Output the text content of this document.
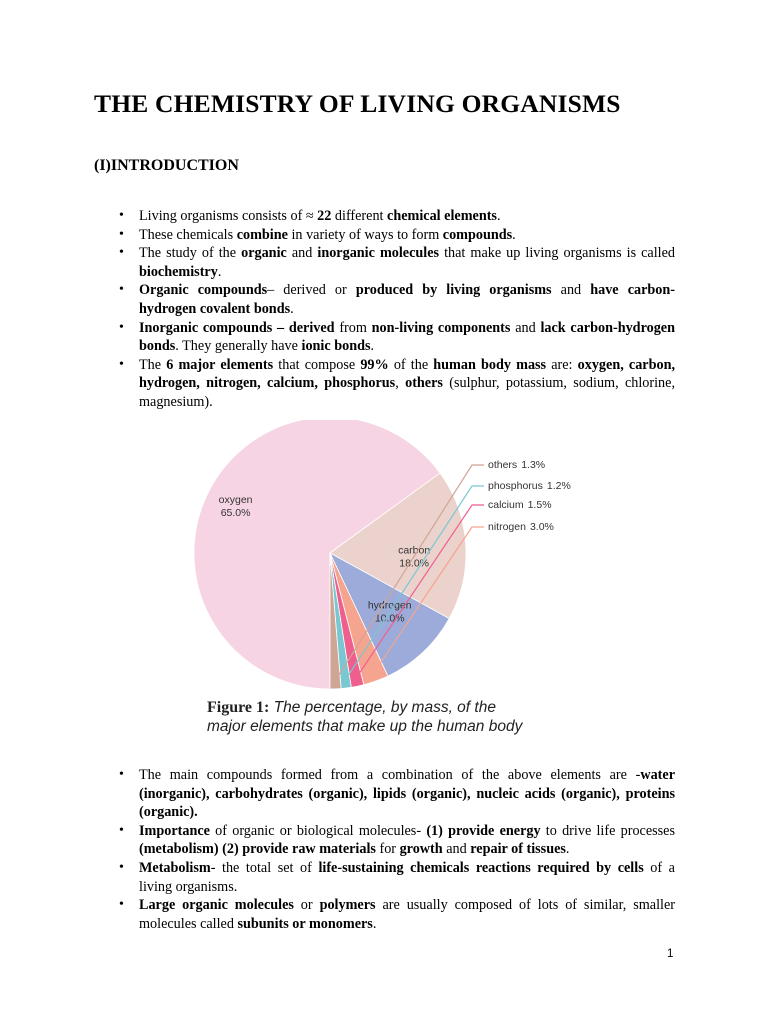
THE CHEMISTRY OF LIVING ORGANISMS
(I)INTRODUCTION
• Living organisms consists of ≈ 22 different chemical elements.
• These chemicals combine in variety of ways to form compounds.
• The study of the organic and inorganic molecules that make up living organisms is called biochemistry.
• Organic compounds– derived or produced by living organisms and have carbon-hydrogen covalent bonds.
• Inorganic compounds – derived from non-living components and lack carbon-hydrogen bonds. They generally have ionic bonds.
• The 6 major elements that compose 99% of the human body mass are: oxygen, carbon, hydrogen, nitrogen, calcium, phosphorus, others (sulphur, potassium, sodium, chlorine, magnesium).
oxygen
65.0%
carbon
18.0%
hydrogen
10.0%
nitrogen 3.0%
calcium 1.5%
phosphorus 1.2%
others 1.3%
Figure 1: The percentage, by mass, of the major elements that make up the human body
• The main compounds formed from a combination of the above elements are -water (inorganic), carbohydrates (organic), lipids (organic), nucleic acids (organic), proteins (organic).
• Importance of organic or biological molecules- (1) provide energy to drive life processes (metabolism) (2) provide raw materials for growth and repair of tissues.
• Metabolism- the total set of life-sustaining chemicals reactions required by cells of a living organisms.
• Large organic molecules or polymers are usually composed of lots of similar, smaller molecules called subunits or monomers.
1
